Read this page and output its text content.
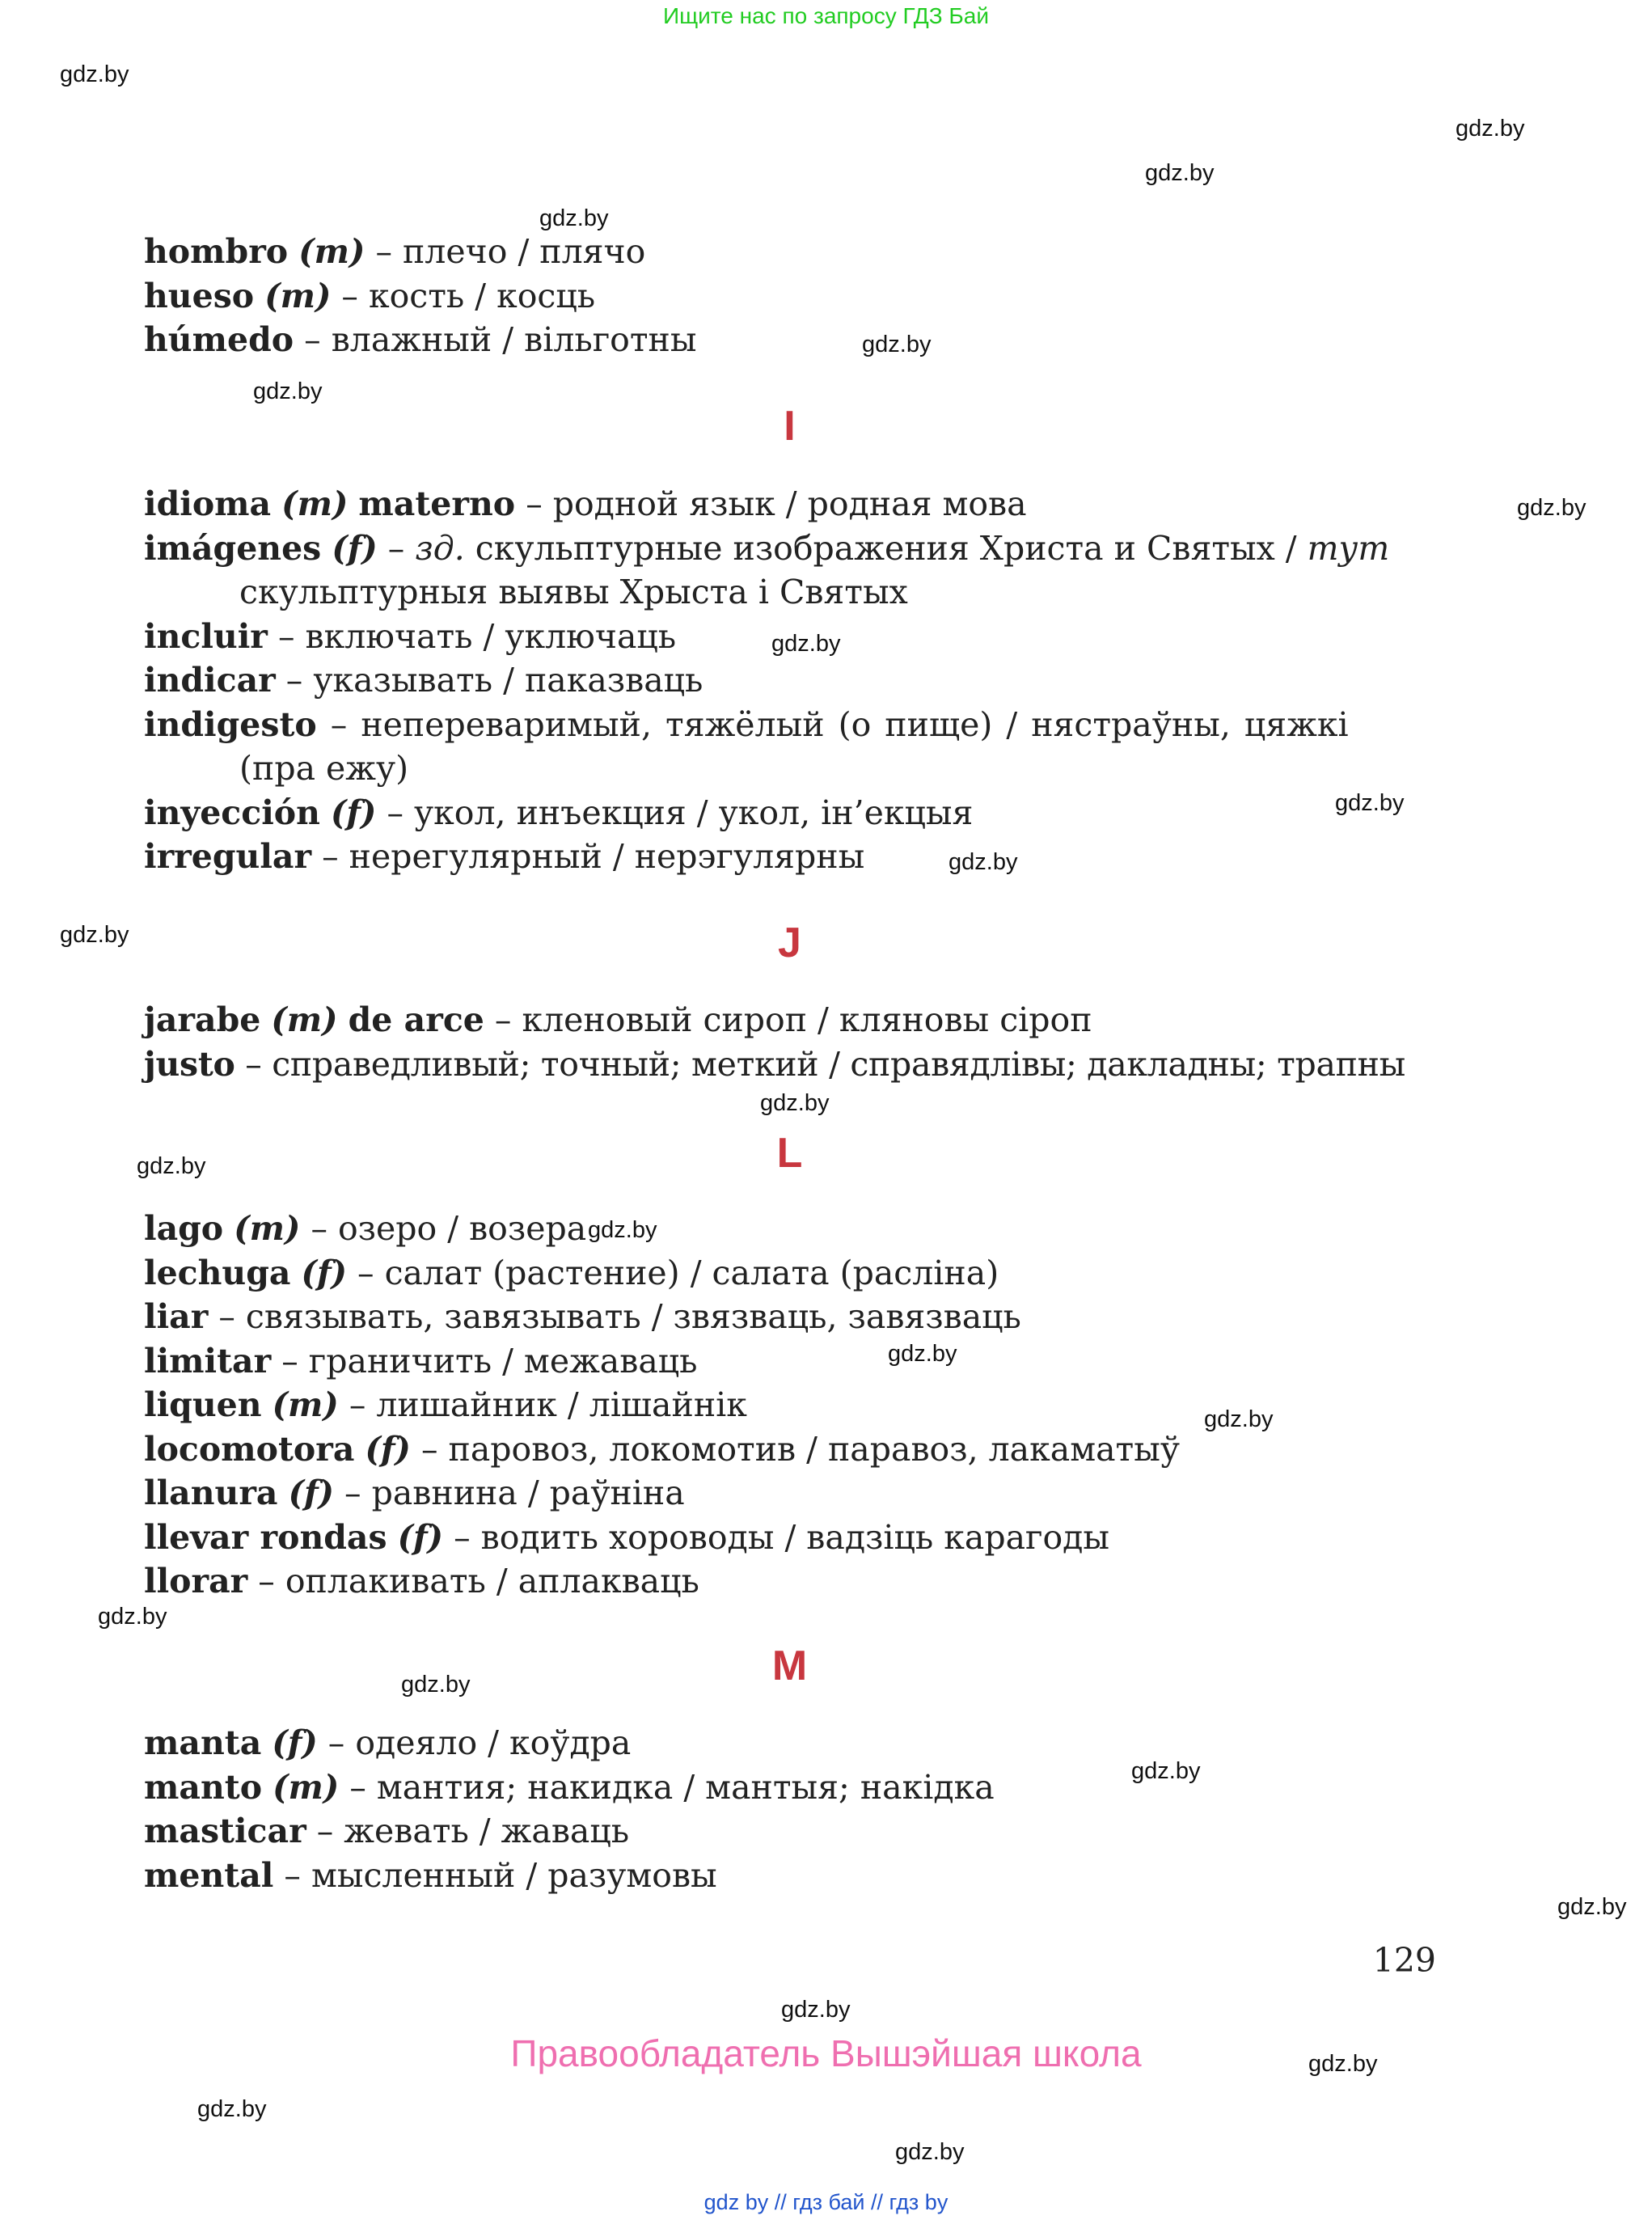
Ищите нас по запросу ГДЗ Бай
gdz.by
gdz.by
gdz.by
gdz.by
gdz.by
gdz.by
gdz.by
gdz.by
gdz.by
gdz.by
gdz.by
gdz.by
gdz.by
gdz.by
gdz.by
gdz.by
gdz.by
gdz.by
gdz.by
gdz.by
gdz.by
gdz.by
gdz.by
gdz.by

hombro (m) – плечо / плячо

hueso (m) – кость / косць

húmedo – влажный / вільготны

I

idioma (m) materno – родной язык / родная мова

imágenes (f) – зд. скульптурные изображения Христа и Святых / тут

скульптурныя выявы Хрыста і Святых

incluir – включать / уключаць

indicar – указывать / паказваць

indigesto – непереваримый, тяжёлый (о пище) / нястраўны, цяжкі

(пра ежу)

inyección (f) – укол, инъекция / укол, ін’екцыя

irregular – нерегулярный / нерэгулярны

J

jarabe (m) de arce – кленовый сироп / кляновы сіроп

justo – справедливый; точный; меткий / справядлівы; дакладны; трапны

L

lago (m) – озеро / возера

lechuga (f) – салат (растение) / салата (расліна)

liar – связывать, завязывать / звязваць, завязваць

limitar – граничить / межаваць

liquen (m) – лишайник / лішайнік

locomotora (f) – паровоз, локомотив / паравоз, лакаматыў

llanura (f) – равнина / раўніна

llevar rondas (f) – водить хороводы / вадзіць карагоды

llorar – оплакивать / аплакваць

M

manta (f) – одеяло / коўдра

manto (m) – мантия; накидка / мантыя; накідка

masticar – жевать / жаваць

mental – мысленный / разумовы

129
Правообладатель Вышэйшая школа
gdz by // гдз бай // гдз by
